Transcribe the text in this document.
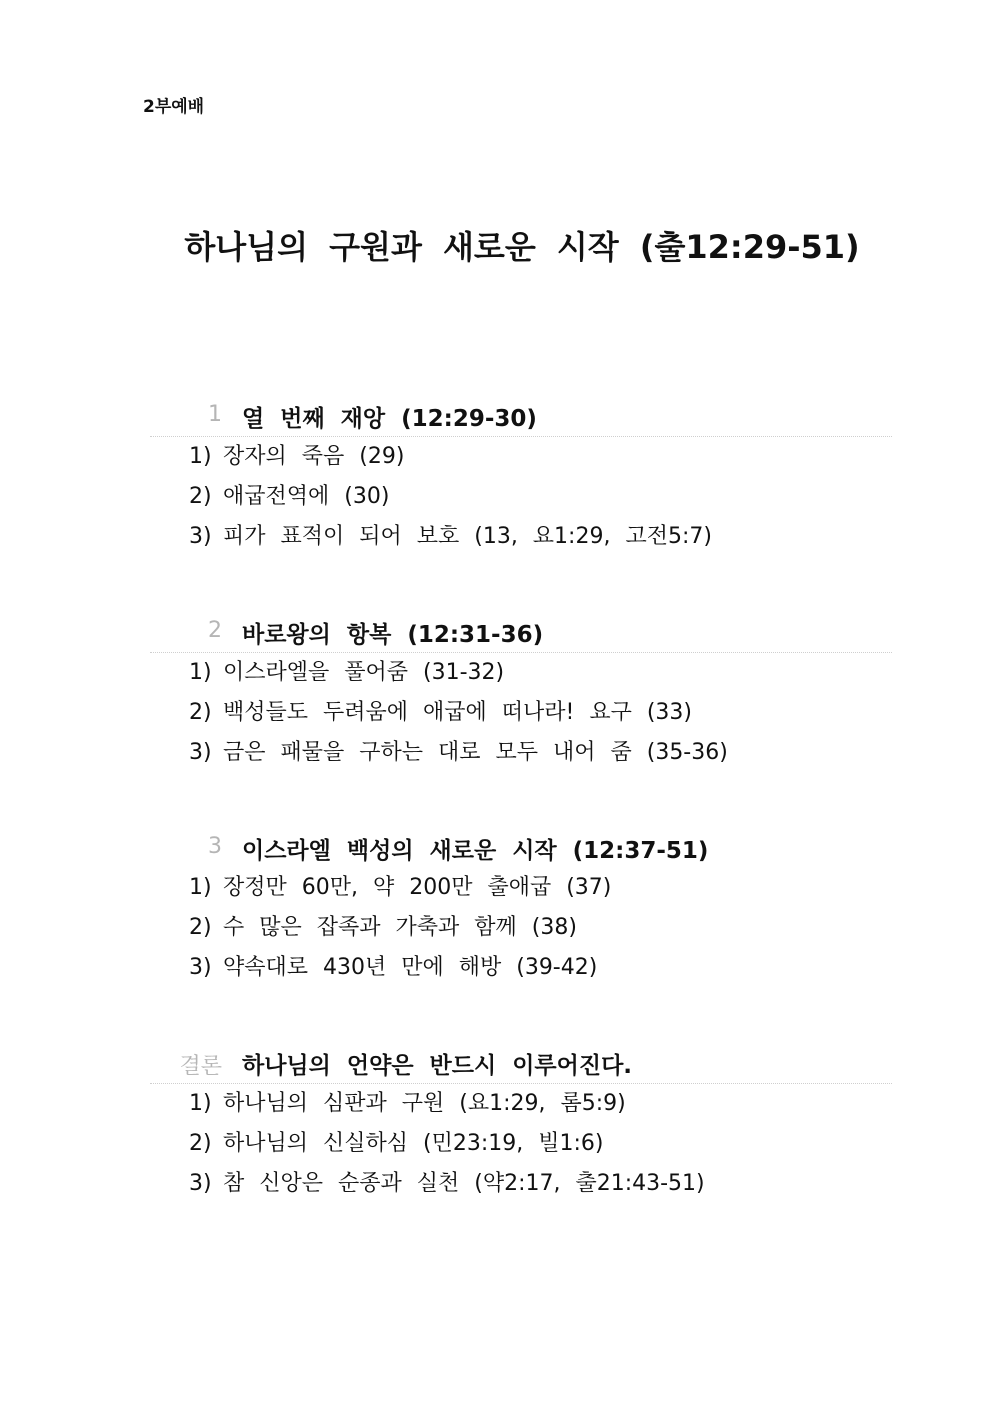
2부예배
하나님의 구원과 새로운 시작 (출12:29-51)
1 열 번째 재앙 (12:29-30)
1) 장자의 죽음 (29)
2) 애굽전역에 (30)
3) 피가 표적이 되어 보호 (13, 요1:29, 고전5:7)
2 바로왕의 항복 (12:31-36)
1) 이스라엘을 풀어줌 (31-32)
2) 백성들도 두려움에 애굽에 떠나라! 요구 (33)
3) 금은 패물을 구하는 대로 모두 내어 줌 (35-36)
3 이스라엘 백성의 새로운 시작 (12:37-51)
1) 장정만 60만, 약 200만 출애굽 (37)
2) 수 많은 잡족과 가축과 함께 (38)
3) 약속대로 430년 만에 해방 (39-42)
결론 하나님의 언약은 반드시 이루어진다.
1) 하나님의 심판과 구원 (요1:29, 롬5:9)
2) 하나님의 신실하심 (민23:19, 빌1:6)
3) 참 신앙은 순종과 실천 (약2:17, 출21:43-51)
